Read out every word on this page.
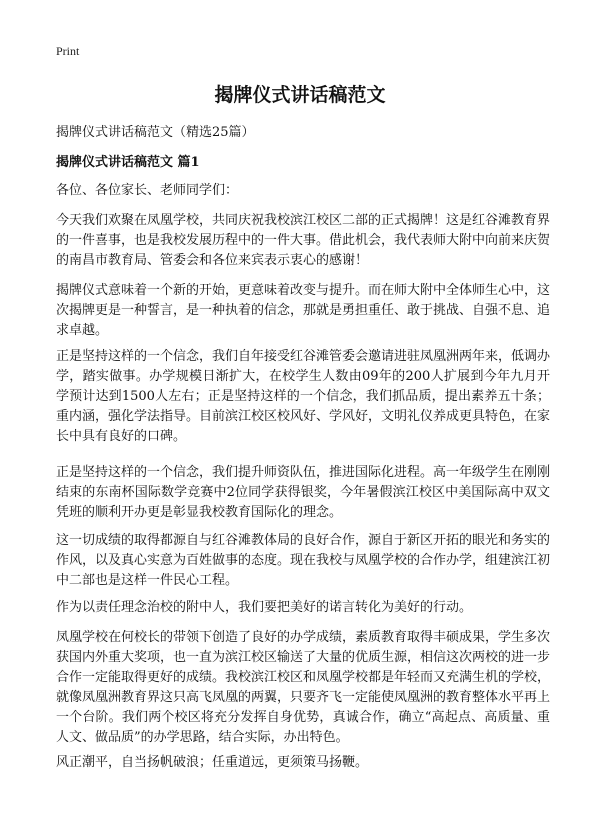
Print
揭牌仪式讲话稿范文

揭牌仪式讲话稿范文（精选25篇）

揭牌仪式讲话稿范文 篇1

各位、各位家长、老师同学们：

今天我们欢聚在凤凰学校，共同庆祝我校滨江校区二部的正式揭牌！这是红谷滩教育界的一件喜事，也是我校发展历程中的一件大事。借此机会，我代表师大附中向前来庆贺的南昌市教育局、管委会和各位来宾表示衷心的感谢！

揭牌仪式意味着一个新的开始，更意味着改变与提升。而在师大附中全体师生心中，这次揭牌更是一种誓言，是一种执着的信念，那就是勇担重任、敢于挑战、自强不息、追求卓越。

正是坚持这样的一个信念，我们自年接受红谷滩管委会邀请进驻凤凰洲两年来，低调办学，踏实做事。办学规模日渐扩大，在校学生人数由09年的200人扩展到今年九月开学预计达到1500人左右；正是坚持这样的一个信念，我们抓品质，提出素养五十条；重内涵，强化学法指导。目前滨江校区校风好、学风好，文明礼仪养成更具特色，在家长中具有良好的口碑。

正是坚持这样的一个信念，我们提升师资队伍，推进国际化进程。高一年级学生在刚刚结束的东南杯国际数学竞赛中2位同学获得银奖，今年暑假滨江校区中美国际高中双文凭班的顺利开办更是彰显我校教育国际化的理念。

这一切成绩的取得都源自与红谷滩教体局的良好合作，源自于新区开拓的眼光和务实的作风，以及真心实意为百姓做事的态度。现在我校与凤凰学校的合作办学，组建滨江初中二部也是这样一件民心工程。

作为以责任理念治校的附中人，我们要把美好的诺言转化为美好的行动。

凤凰学校在何校长的带领下创造了良好的办学成绩，素质教育取得丰硕成果，学生多次获国内外重大奖项，也一直为滨江校区输送了大量的优质生源，相信这次两校的进一步合作一定能取得更好的成绩。我校滨江校区和凤凰学校都是年轻而又充满生机的学校，就像凤凰洲教育界这只高飞凤凰的两翼，只要齐飞一定能使凤凰洲的教育整体水平再上一个台阶。我们两个校区将充分发挥自身优势，真诚合作，确立“高起点、高质量、重人文、做品质”的办学思路，结合实际，办出特色。

风正潮平，自当扬帆破浪；任重道远，更须策马扬鞭。
